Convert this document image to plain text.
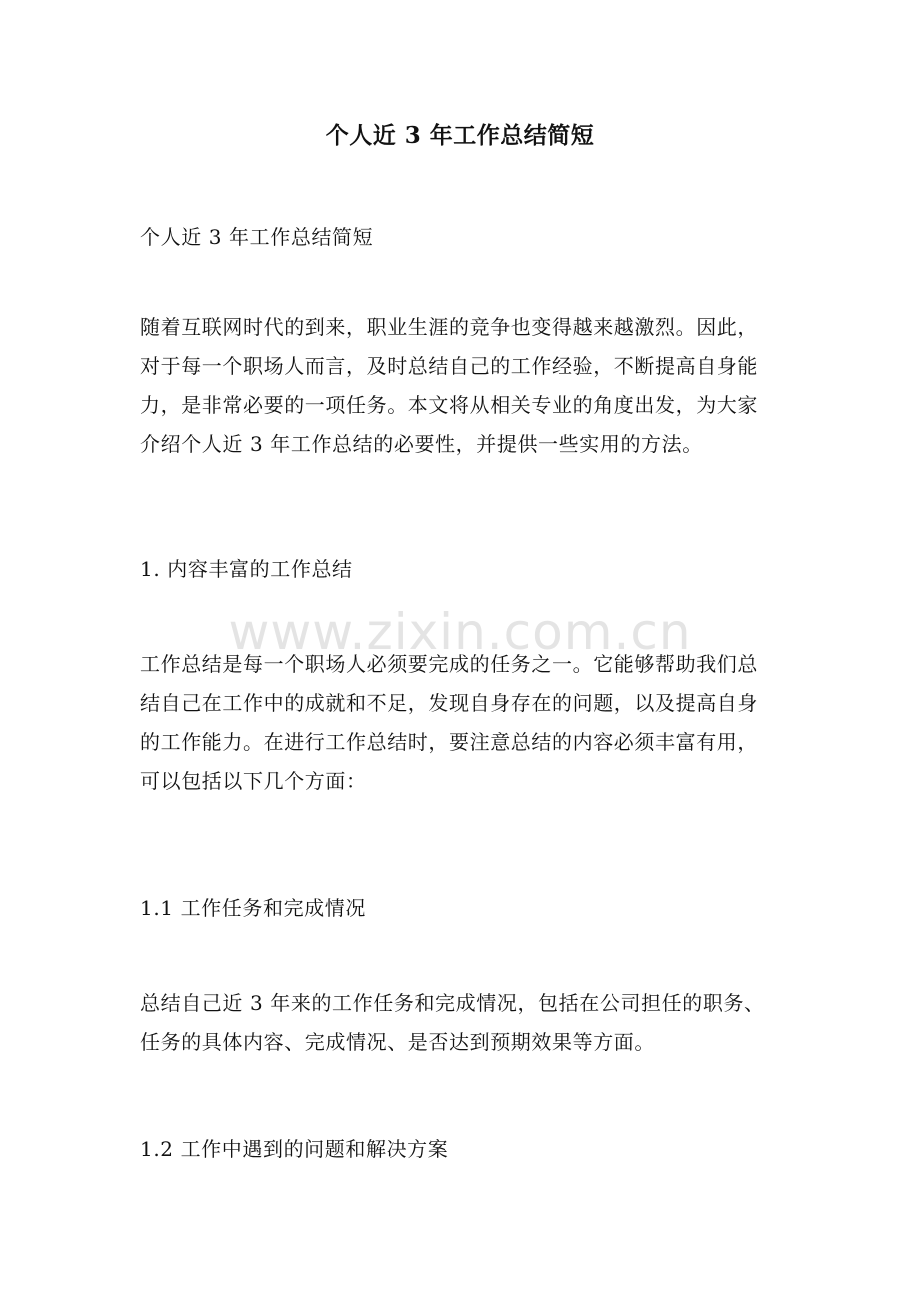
个人近 3 年工作总结简短
个人近 3 年工作总结简短
随着互联网时代的到来，职业生涯的竞争也变得越来越激烈。因此，
对于每一个职场人而言，及时总结自己的工作经验，不断提高自身能
力，是非常必要的一项任务。本文将从相关专业的角度出发，为大家
介绍个人近 3 年工作总结的必要性，并提供一些实用的方法。
1. 内容丰富的工作总结
工作总结是每一个职场人必须要完成的任务之一。它能够帮助我们总
结自己在工作中的成就和不足，发现自身存在的问题，以及提高自身
的工作能力。在进行工作总结时，要注意总结的内容必须丰富有用，
可以包括以下几个方面：
1.1 工作任务和完成情况
总结自己近 3 年来的工作任务和完成情况，包括在公司担任的职务、
任务的具体内容、完成情况、是否达到预期效果等方面。
1.2 工作中遇到的问题和解决方案
www.zixin.com.cn
